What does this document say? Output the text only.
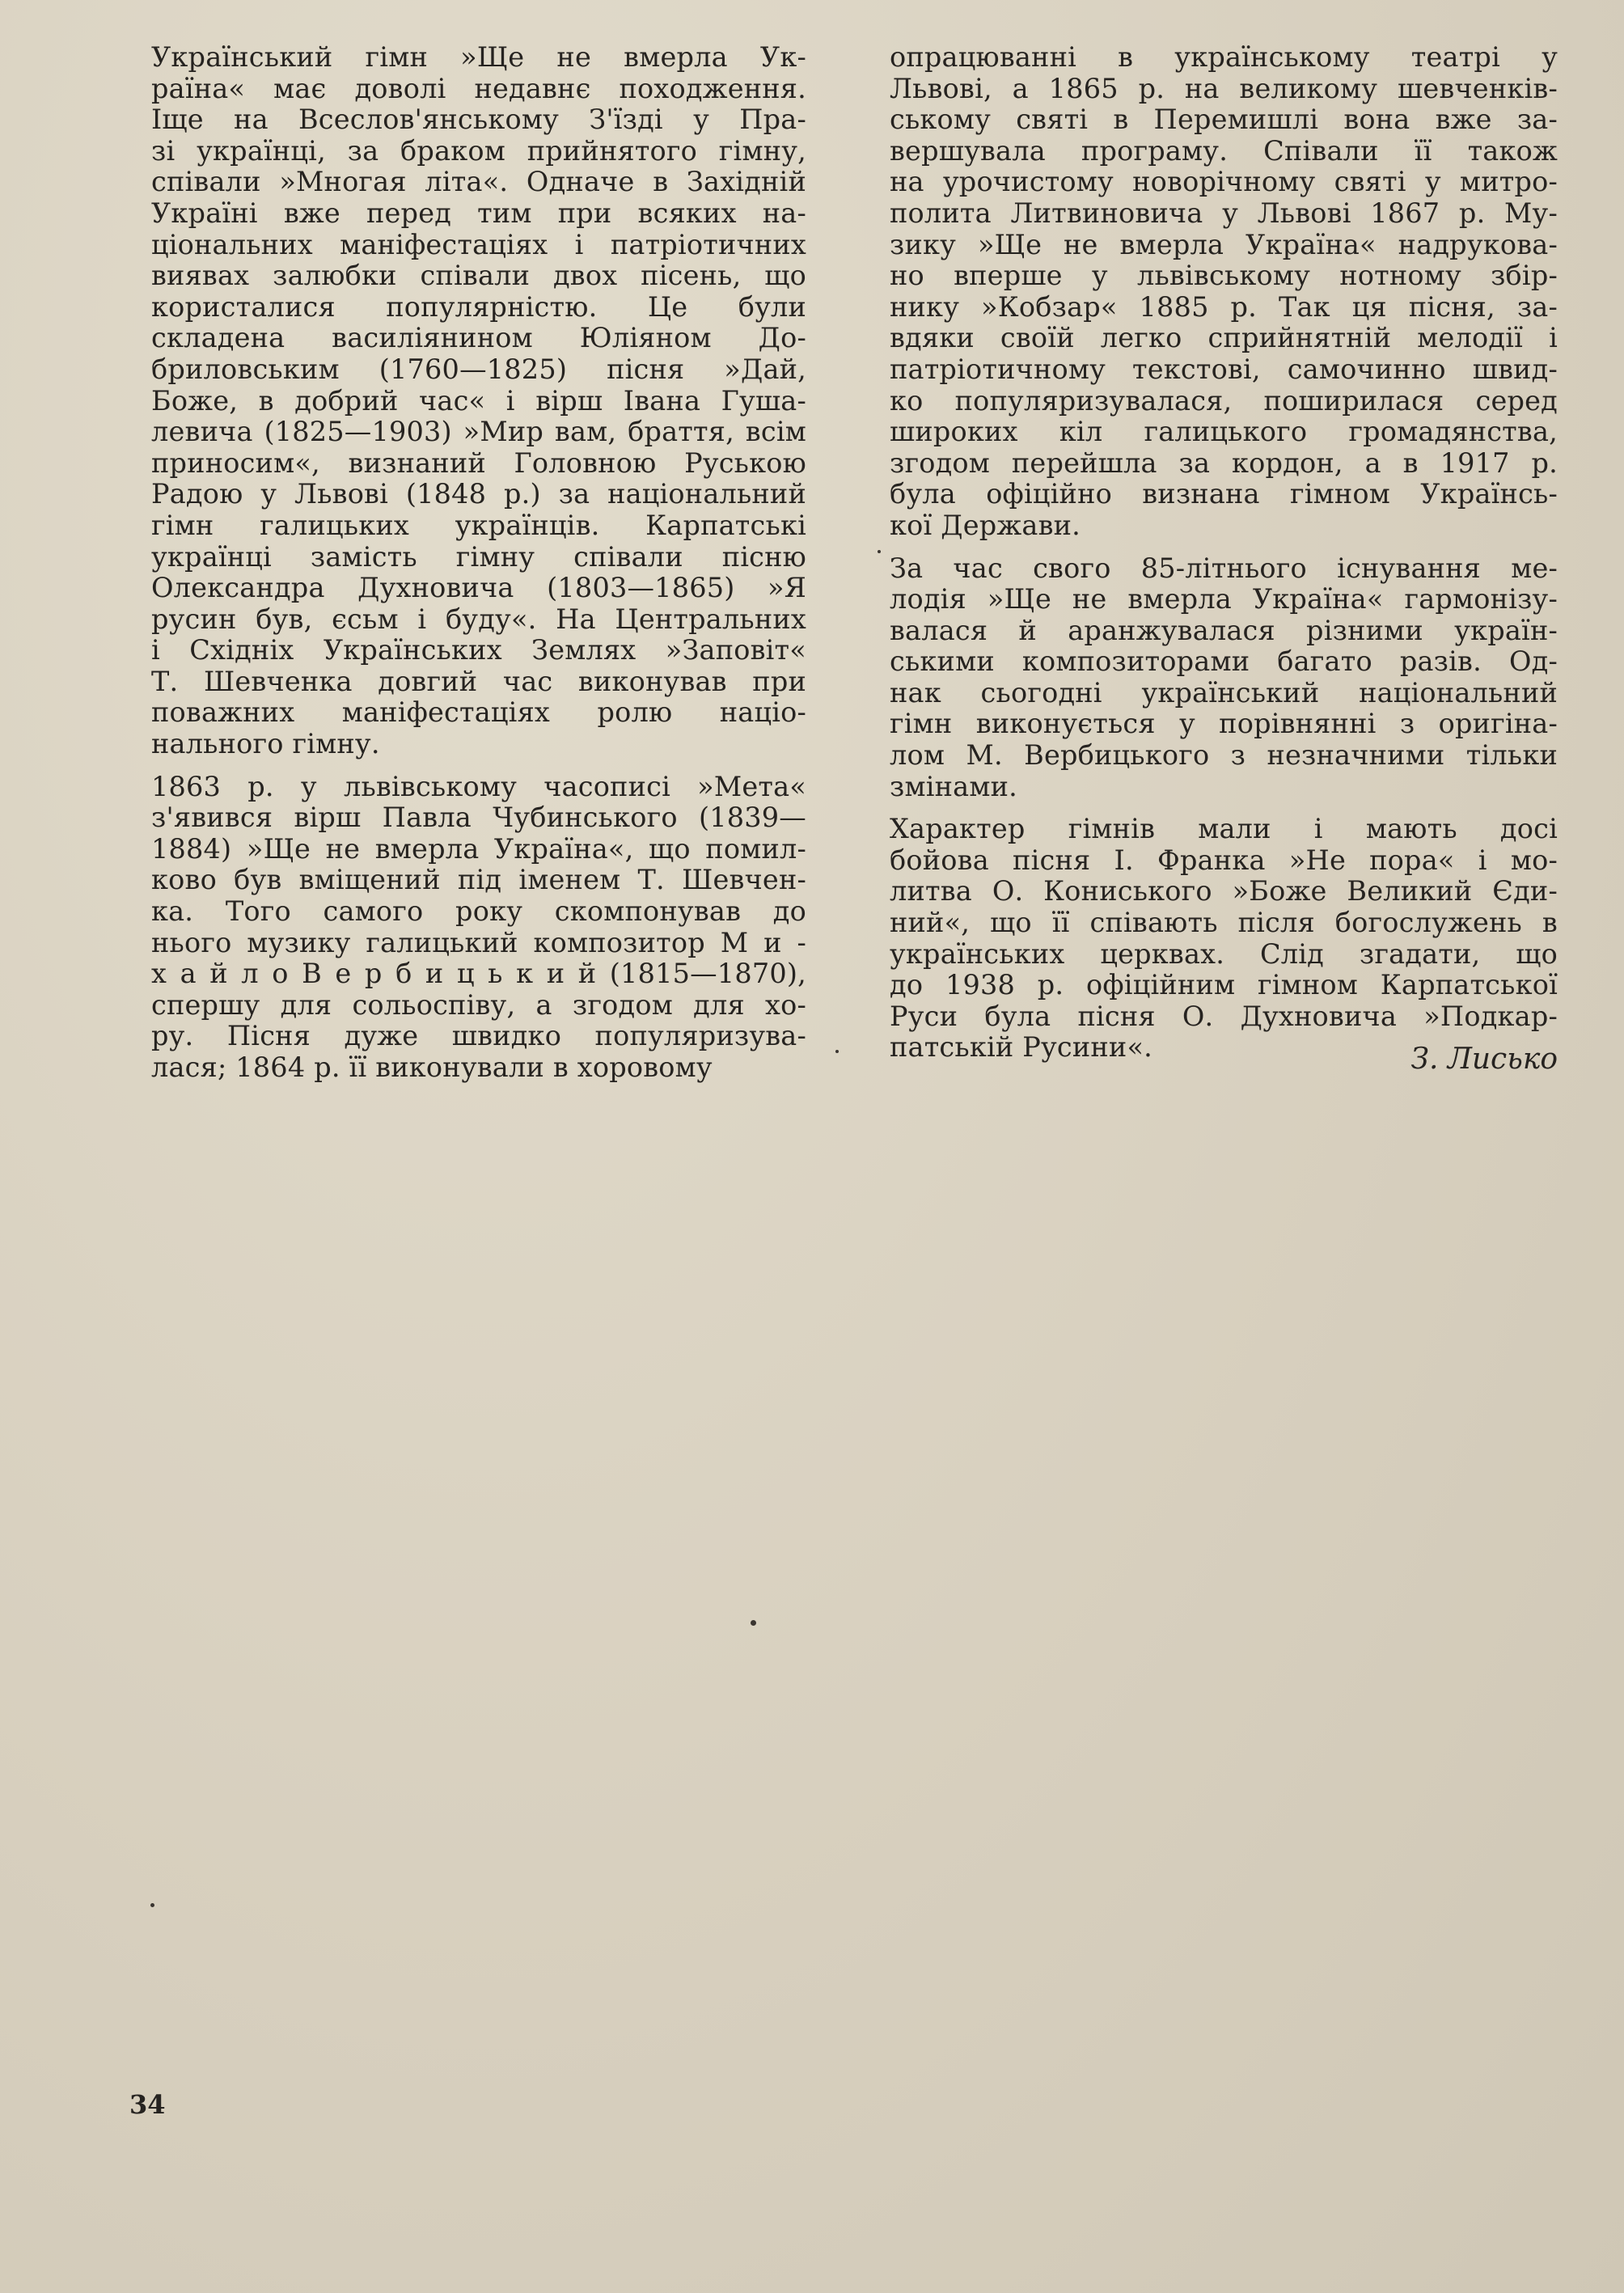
Український гімн »Ще не вмерла Ук-
раїна« має доволі недавнє походження.
Іще на Всеслов'янському З'їзді у Пра-
зі українці, за браком прийнятого гімну,
співали »Многая літа«. Одначе в Західній
Україні вже перед тим при всяких на-
ціональних маніфестаціях і патріотичних
виявах залюбки співали двох пісень, що
користалися популярністю. Це були
складена василіянином Юліяном До-
бриловським (1760—1825) пісня »Дай,
Боже, в добрий час« і вірш Івана Гуша-
левича (1825—1903) »Мир вам, браття, всім
приносим«, визнаний Головною Руською
Радою у Львові (1848 р.) за національний
гімн галицьких українців. Карпатські
українці замість гімну співали пісню
Олександра Духновича (1803—1865) »Я
русин був, єсьм і буду«. На Центральних
і Східніх Українських Землях »Заповіт«
Т. Шевченка довгий час виконував при
поважних маніфестаціях ролю націо-
нального гімну.
1863 р. у львівському часописі »Мета«
з'явився вірш Павла Чубинського (1839—
1884) »Ще не вмерла Україна«, що помил-
ково був вміщений під іменем Т. Шевчен-
ка. Того самого року скомпонував до
нього музику галицький композитор М и -
х а й л о В е р б и ц ь к и й (1815—1870),
спершу для сольоспіву, а згодом для хо-
ру. Пісня дуже швидко популяризува-
лася; 1864 р. її виконували в хоровому
опрацюванні в українському театрі у
Львові, а 1865 р. на великому шевченків-
ському святі в Перемишлі вона вже за-
вершувала програму. Співали її також
на урочистому новорічному святі у митро-
полита Литвиновича у Львові 1867 р. Му-
зику »Ще не вмерла Україна« надрукова-
но вперше у львівському нотному збір-
нику »Кобзар« 1885 р. Так ця пісня, за-
вдяки своїй легко сприйнятній мелодії і
патріотичному текстові, самочинно швид-
ко популяризувалася, поширилася серед
широких кіл галицького громадянства,
згодом перейшла за кордон, а в 1917 р.
була офіційно визнана гімном Українсь-
кої Держави.
За час свого 85-літнього існування ме-
лодія »Ще не вмерла Україна« гармонізу-
валася й аранжувалася різними україн-
ськими композиторами багато разів. Од-
нак сьогодні український національний
гімн виконується у порівнянні з оригіна-
лом М. Вербицького з незначними тільки
змінами.
Характер гімнів мали і мають досі
бойова пісня І. Франка »Не пора« і мо-
литва О. Кониського »Боже Великий Єди-
ний«, що її співають після богослужень в
українських церквах. Слід згадати, що
до 1938 р. офіційним гімном Карпатської
Руси була пісня О. Духновича »Подкар-
патській Русини«.	З. Лисько
34
